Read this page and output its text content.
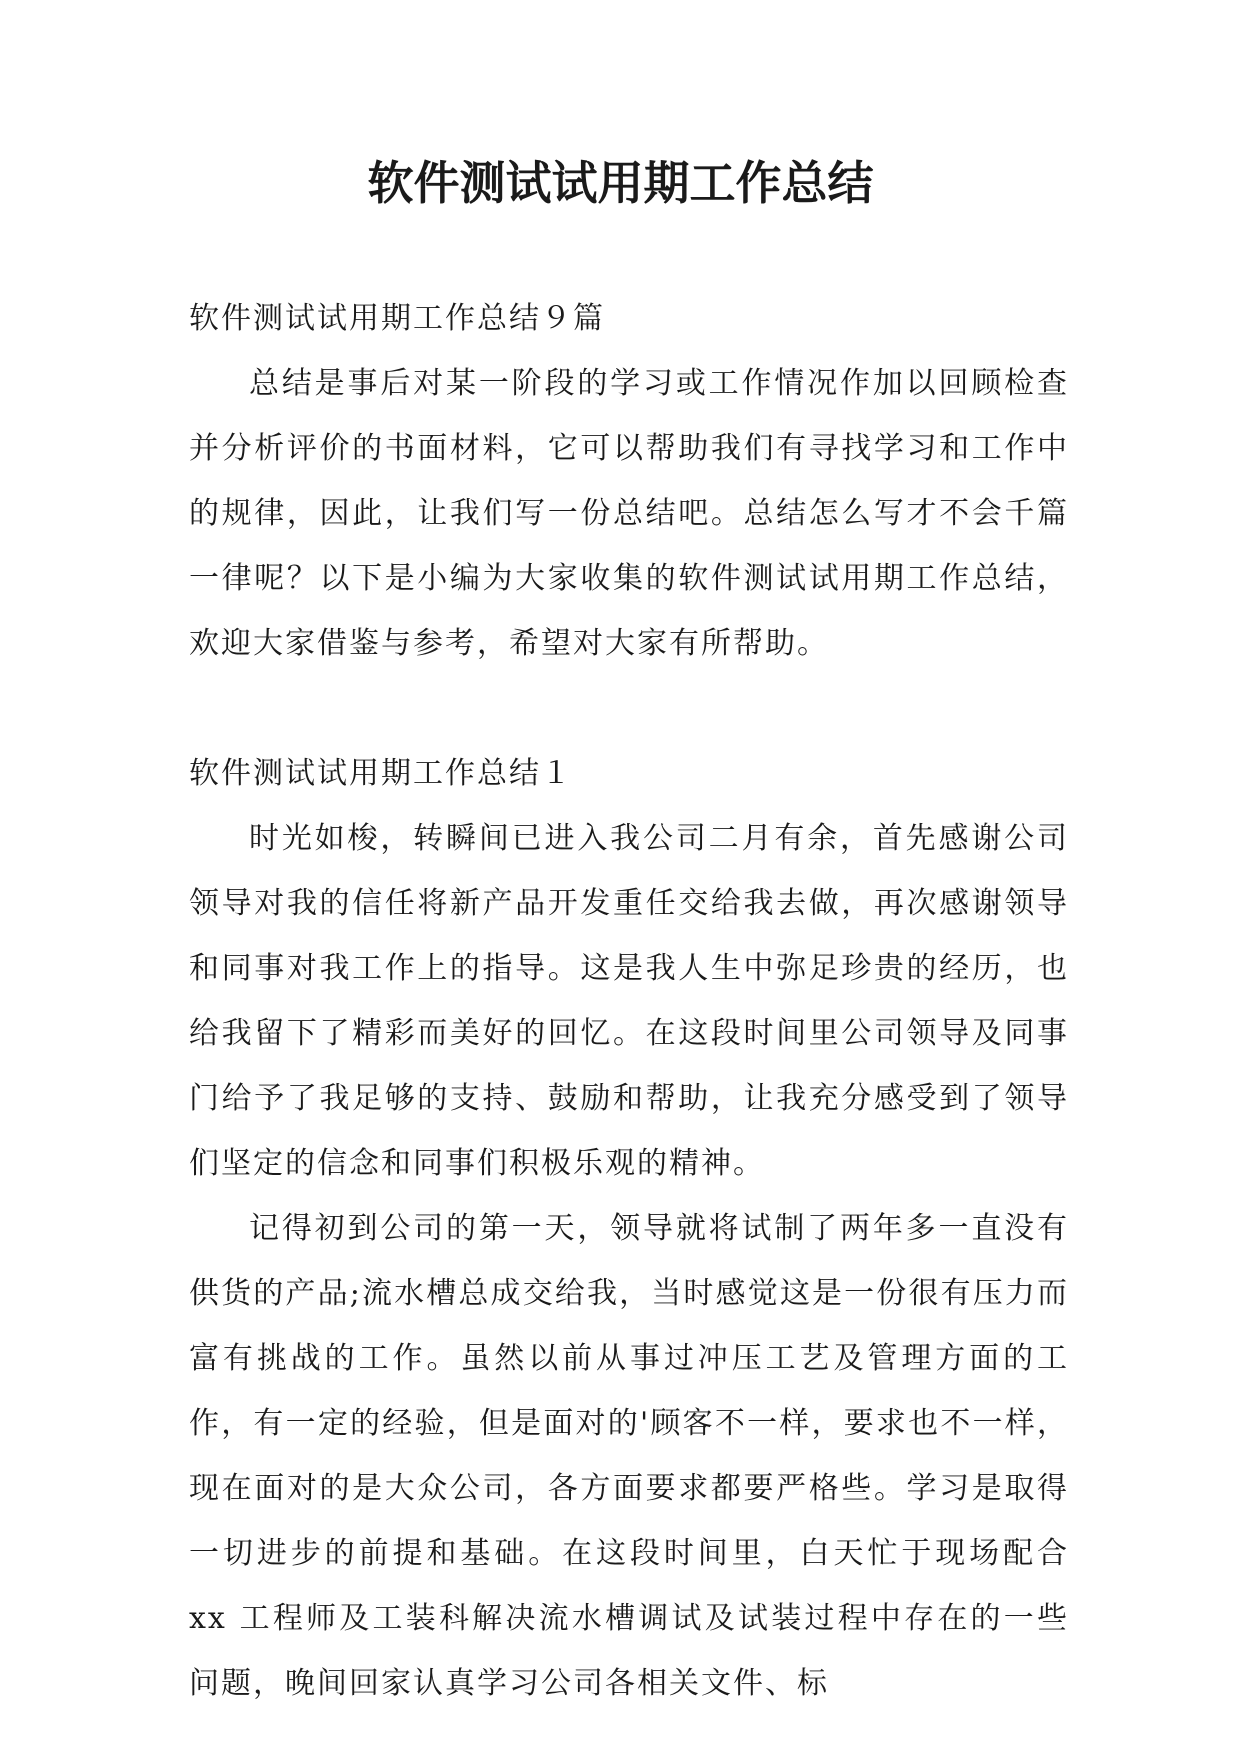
软件测试试用期工作总结

软件测试试用期工作总结９篇

总结是事后对某一阶段的学习或工作情况作加以回顾检查并分析评价的书面材料，它可以帮助我们有寻找学习和工作中的规律，因此，让我们写一份总结吧。总结怎么写才不会千篇一律呢？以下是小编为大家收集的软件测试试用期工作总结，欢迎大家借鉴与参考，希望对大家有所帮助。

软件测试试用期工作总结１

时光如梭，转瞬间已进入我公司二月有余，首先感谢公司领导对我的信任将新产品开发重任交给我去做，再次感谢领导和同事对我工作上的指导。这是我人生中弥足珍贵的经历，也给我留下了精彩而美好的回忆。在这段时间里公司领导及同事门给予了我足够的支持、鼓励和帮助，让我充分感受到了领导们坚定的信念和同事们积极乐观的精神。

记得初到公司的第一天，领导就将试制了两年多一直没有供货的产品;流水槽总成交给我，当时感觉这是一份很有压力而富有挑战的工作。虽然以前从事过冲压工艺及管理方面的工作，有一定的经验，但是面对的'顾客不一样，要求也不一样，现在面对的是大众公司，各方面要求都要严格些。学习是取得一切进步的前提和基础。在这段时间里，白天忙于现场配合 xx 工程师及工装科解决流水槽调试及试装过程中存在的一些问题，晚间回家认真学习公司各相关文件、标
